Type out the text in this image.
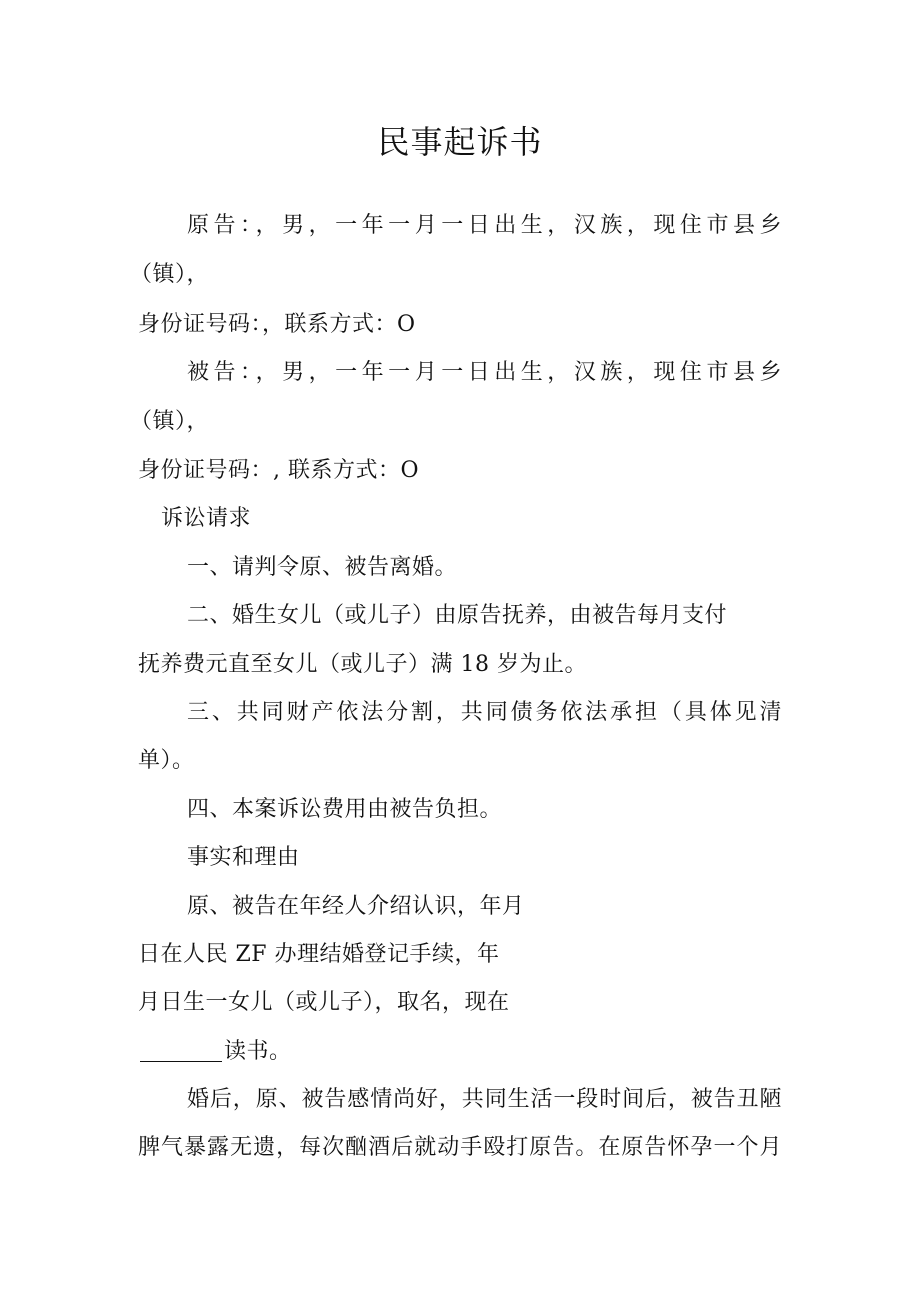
民事起诉书
原告：，男，一年一月一日出生，汉族，现住市县乡
（镇），
身份证号码：，联系方式：O
被告：，男，一年一月一日出生，汉族，现住市县乡
（镇），
身份证号码：, 联系方式：O
诉讼请求
一、请判令原、被告离婚。
二、婚生女儿（或儿子）由原告抚养，由被告每月支付
抚养费元直至女儿（或儿子）满 18 岁为止。
三、共同财产依法分割，共同债务依法承担（具体见清
单）。
四、本案诉讼费用由被告负担。
事实和理由
原、被告在年经人介绍认识，年月
日在人民 ZF 办理结婚登记手续，年
月日生一女儿（或儿子），取名，现在
读书。
婚后，原、被告感情尚好，共同生活一段时间后，被告丑陋
脾气暴露无遗，每次酗酒后就动手殴打原告。在原告怀孕一个月
